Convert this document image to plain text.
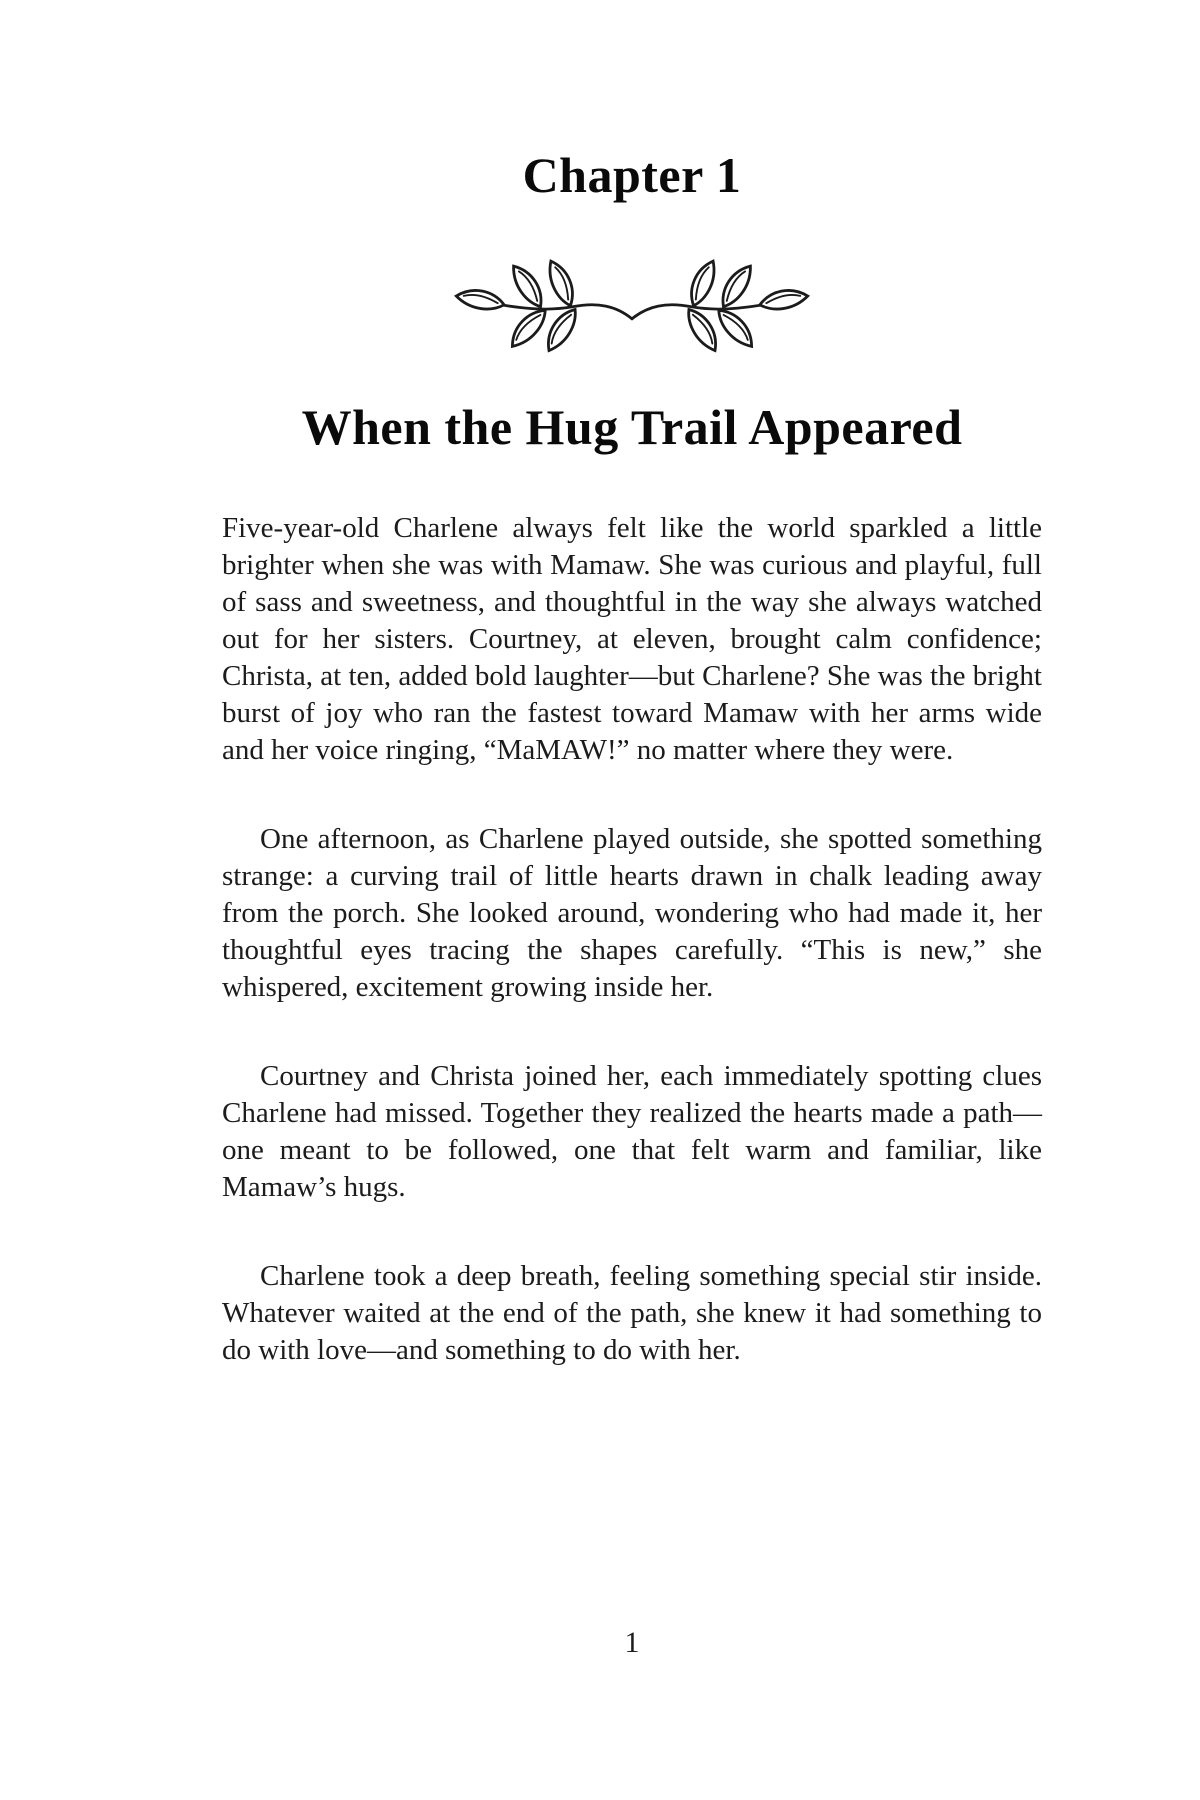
Chapter 1
When the Hug Trail Appeared

Five-year-old Charlene always felt like the world sparkled a little brighter when she was with Mamaw. She was curious and playful, full of sass and sweetness, and thoughtful in the way she always watched out for her sisters. Courtney, at eleven, brought calm confidence; Christa, at ten, added bold laughter—but Charlene? She was the bright burst of joy who ran the fastest toward Mamaw with her arms wide and her voice ringing, “MaMAW!” no matter where they were.

One afternoon, as Charlene played outside, she spotted something strange: a curving trail of little hearts drawn in chalk leading away from the porch. She looked around, wondering who had made it, her thoughtful eyes tracing the shapes carefully. “This is new,” she whispered, excitement growing inside her.

Courtney and Christa joined her, each immediately spotting clues Charlene had missed. Together they realized the hearts made a path—one meant to be followed, one that felt warm and familiar, like Mamaw’s hugs.

Charlene took a deep breath, feeling something special stir inside. Whatever waited at the end of the path, she knew it had something to do with love—and something to do with her.

1
